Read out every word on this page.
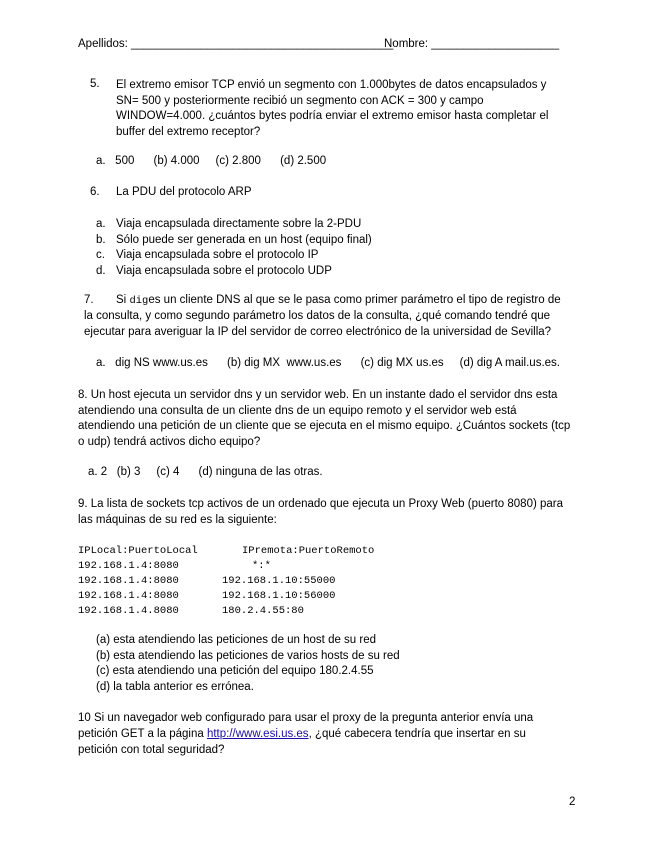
Apellidos: _________________________________________
Nombre: ____________________
5. El extremo emisor TCP envió un segmento con 1.000bytes de datos encapsulados y
SN= 500 y posteriormente recibió un segmento con ACK = 300 y campo
WINDOW=4.000. ¿cuántos bytes podría enviar el extremo emisor hasta completar el
buffer del extremo receptor?
a.   500      (b) 4.000     (c) 2.800      (d) 2.500
6. La PDU del protocolo ARP
a. Viaja encapsulada directamente sobre la 2-PDU
b. Sólo puede ser generada en un host (equipo final)
c. Viaja encapsulada sobre el protocolo IP
d. Viaja encapsulada sobre el protocolo UDP
7. Si diges un cliente DNS al que se le pasa como primer parámetro el tipo de registro de
la consulta, y como segundo parámetro los datos de la consulta, ¿qué comando tendré que
ejecutar para averiguar la IP del servidor de correo electrónico de la universidad de Sevilla?
a.   dig NS www.us.es      (b) dig MX  www.us.es      (c) dig MX us.es     (d) dig A mail.us.es.
8. Un host ejecuta un servidor dns y un servidor web. En un instante dado el servidor dns esta
atendiendo una consulta de un cliente dns de un equipo remoto y el servidor web está
atendiendo una petición de un cliente que se ejecuta en el mismo equipo. ¿Cuántos sockets (tcp
o udp) tendrá activos dicho equipo?
a. 2   (b) 3     (c) 4      (d) ninguna de las otras.
9. La lista de sockets tcp activos de un ordenado que ejecuta un Proxy Web (puerto 8080) para
las máquinas de su red es la siguiente:
IPLocal:PuertoLocal	IPremota:PuertoRemoto
192.168.1.4:8080	*:*
192.168.1.4:8080	192.168.1.10:55000
192.168.1.4:8080	192.168.1.10:56000
192.168.1.4.8080	180.2.4.55:80
(a) esta atendiendo las peticiones de un host de su red
(b) esta atendiendo las peticiones de varios hosts de su red
(c) esta atendiendo una petición del equipo 180.2.4.55
(d) la tabla anterior es errónea.
10 Si un navegador web configurado para usar el proxy de la pregunta anterior envía una
petición GET a la página http://www.esi.us.es, ¿qué cabecera tendría que insertar en su
petición con total seguridad?
2
